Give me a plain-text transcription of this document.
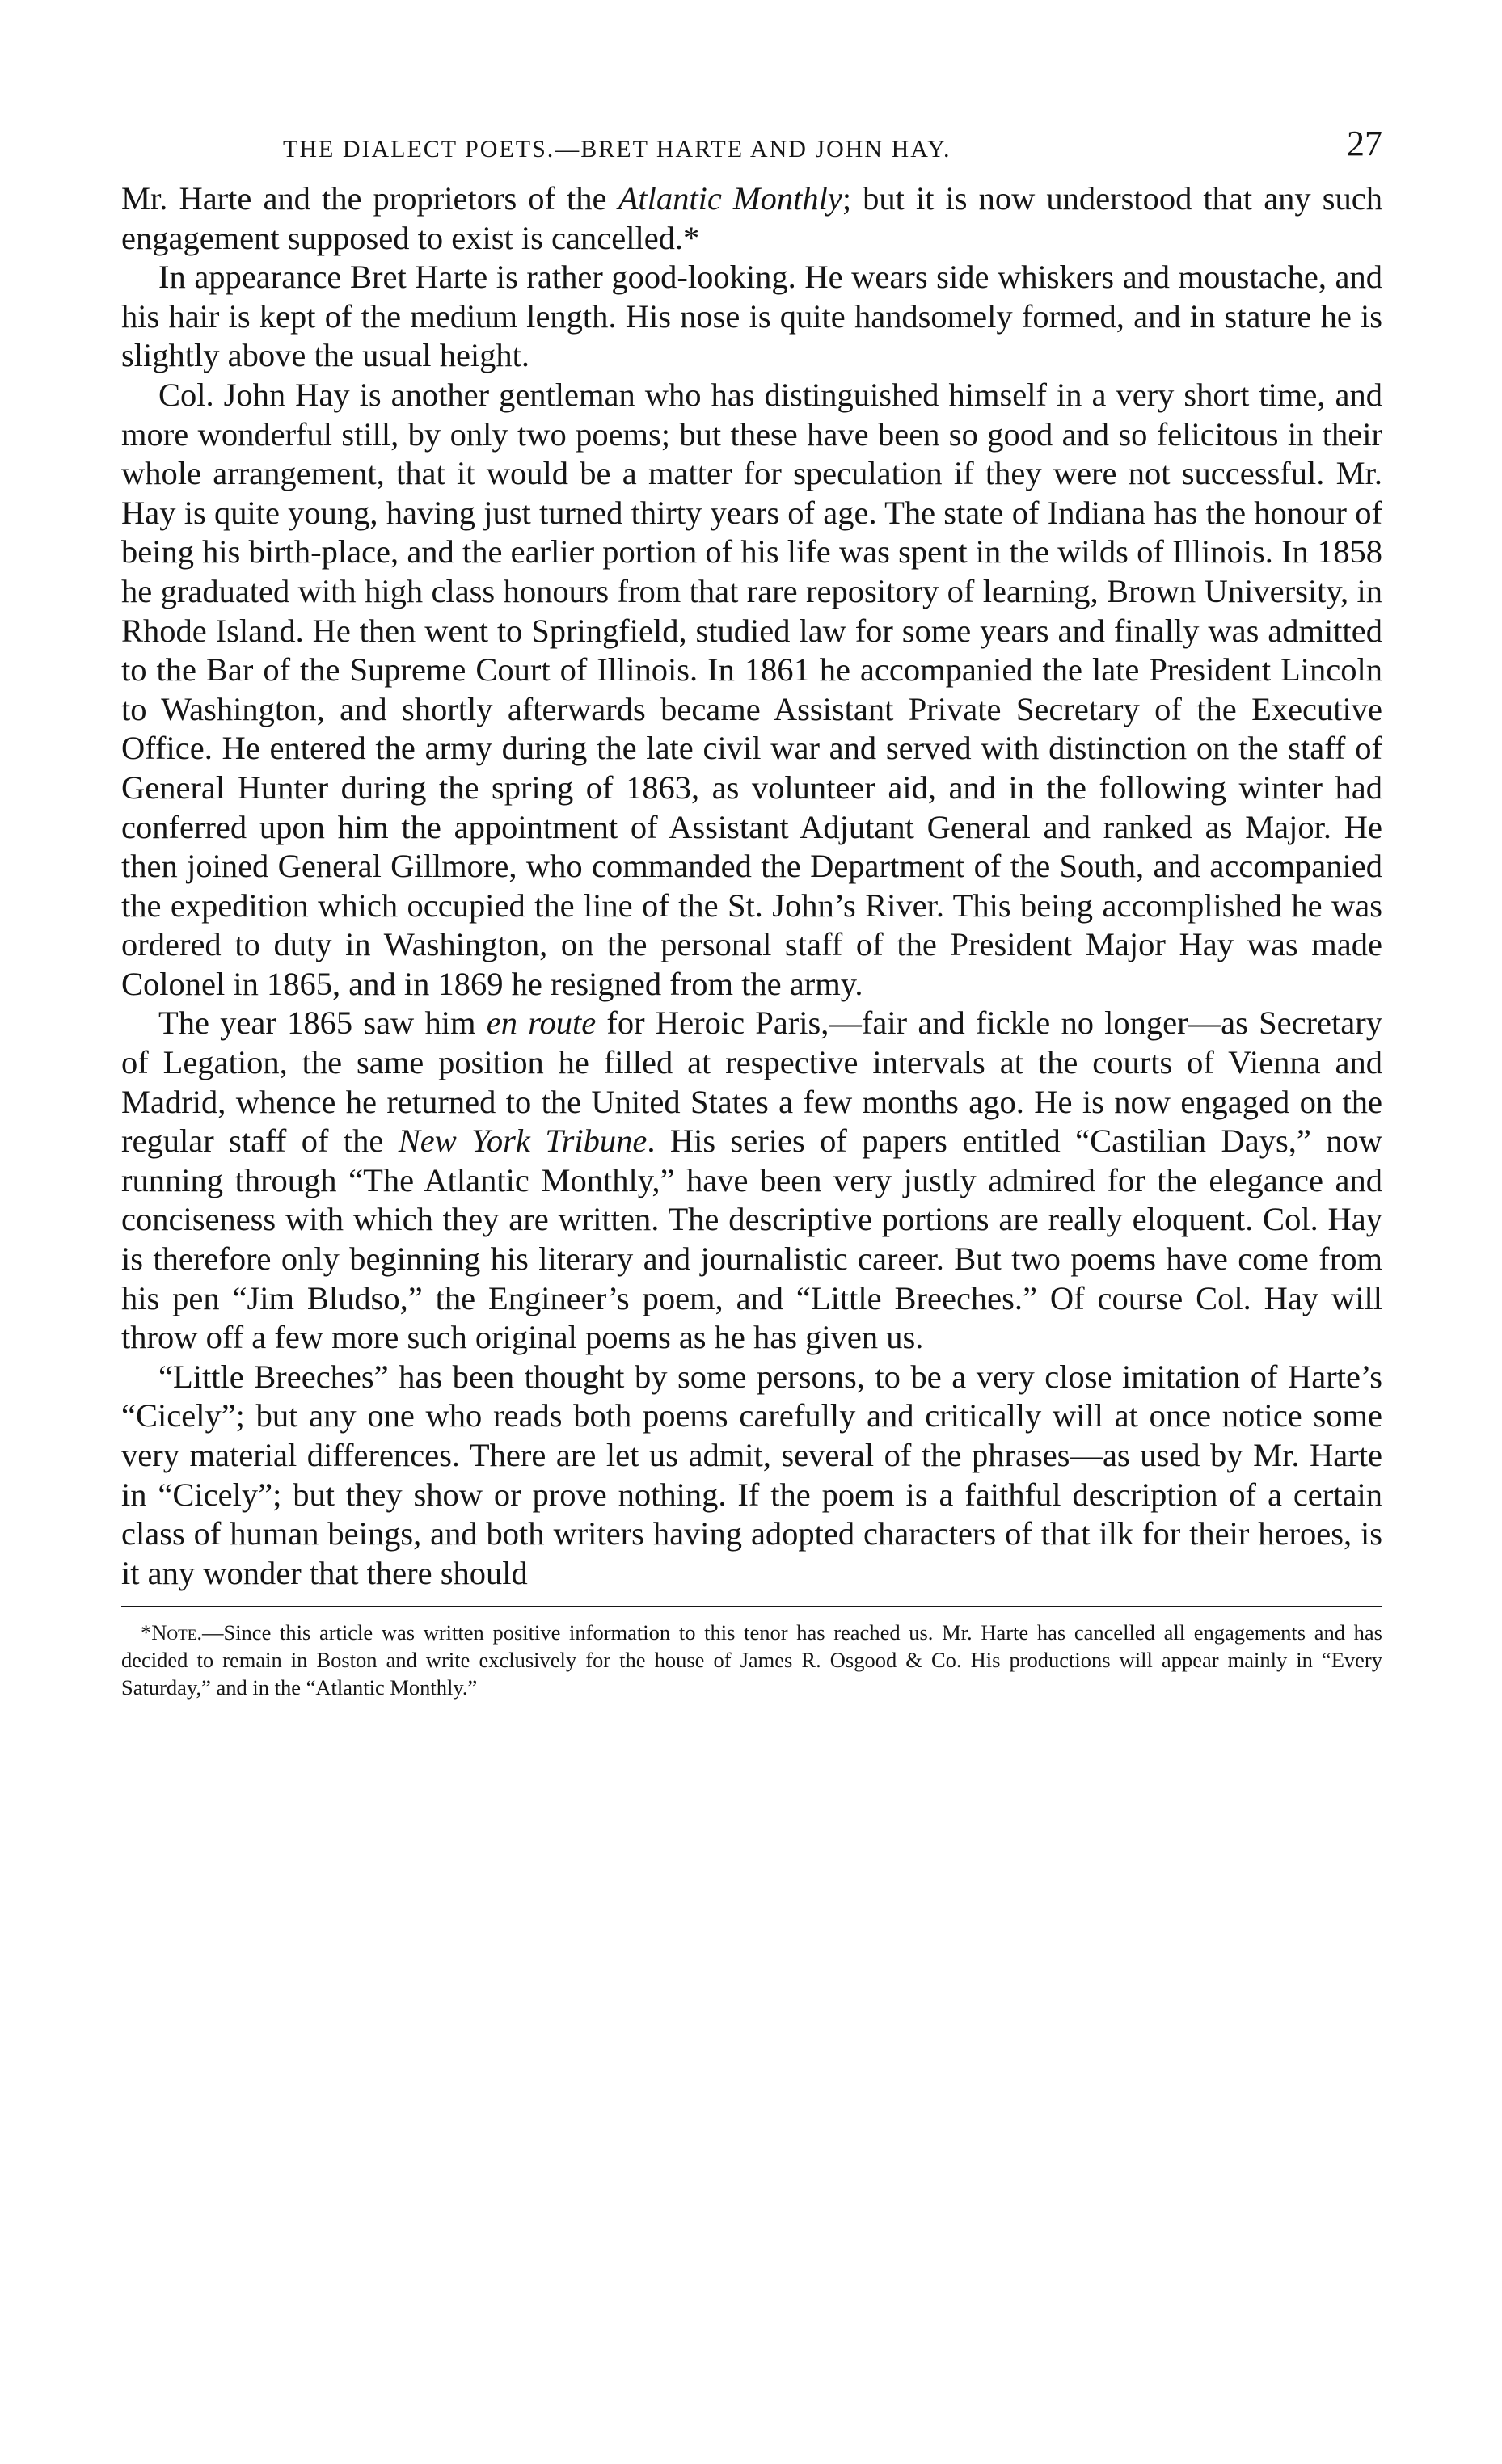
THE DIALECT POETS.—BRET HARTE AND JOHN HAY.	27

Mr. Harte and the proprietors of the Atlantic Monthly; but it is now understood that any such engagement supposed to exist is cancelled.*

In appearance Bret Harte is rather good-looking. He wears side whiskers and moustache, and his hair is kept of the medium length. His nose is quite handsomely formed, and in stature he is slightly above the usual height.

Col. John Hay is another gentleman who has distinguished himself in a very short time, and more wonderful still, by only two poems; but these have been so good and so felicitous in their whole arrangement, that it would be a matter for speculation if they were not successful. Mr. Hay is quite young, having just turned thirty years of age. The state of Indiana has the honour of being his birth-place, and the earlier portion of his life was spent in the wilds of Illinois. In 1858 he graduated with high class honours from that rare repository of learning, Brown University, in Rhode Island. He then went to Springfield, studied law for some years and finally was admitted to the Bar of the Supreme Court of Illinois. In 1861 he accompanied the late President Lincoln to Washington, and shortly afterwards became Assistant Private Secretary of the Executive Office. He entered the army during the late civil war and served with distinction on the staff of General Hunter during the spring of 1863, as volunteer aid, and in the following winter had conferred upon him the appointment of Assistant Adjutant General and ranked as Major. He then joined General Gillmore, who commanded the Department of the South, and accompanied the expedition which occupied the line of the St. John’s River. This being accomplished he was ordered to duty in Washington, on the personal staff of the President Major Hay was made Colonel in 1865, and in 1869 he resigned from the army.

The year 1865 saw him en route for Heroic Paris,—fair and fickle no longer—as Secretary of Legation, the same position he filled at respective intervals at the courts of Vienna and Madrid, whence he returned to the United States a few months ago. He is now engaged on the regular staff of the New York Tribune. His series of papers entitled “Castilian Days,” now running through “The Atlantic Monthly,” have been very justly admired for the elegance and conciseness with which they are written. The descriptive portions are really eloquent. Col. Hay is therefore only beginning his literary and journalistic career. But two poems have come from his pen “Jim Bludso,” the Engineer’s poem, and “Little Breeches.” Of course Col. Hay will throw off a few more such original poems as he has given us.

“Little Breeches” has been thought by some persons, to be a very close imitation of Harte’s “Cicely”; but any one who reads both poems carefully and critically will at once notice some very material differences. There are let us admit, several of the phrases—as used by Mr. Harte in “Cicely”; but they show or prove nothing. If the poem is a faithful description of a certain class of human beings, and both writers having adopted characters of that ilk for their heroes, is it any wonder that there should

*Note.—Since this article was written positive information to this tenor has reached us. Mr. Harte has cancelled all engagements and has decided to remain in Boston and write exclusively for the house of James R. Osgood & Co. His productions will appear mainly in “Every Saturday,” and in the “Atlantic Monthly.”
